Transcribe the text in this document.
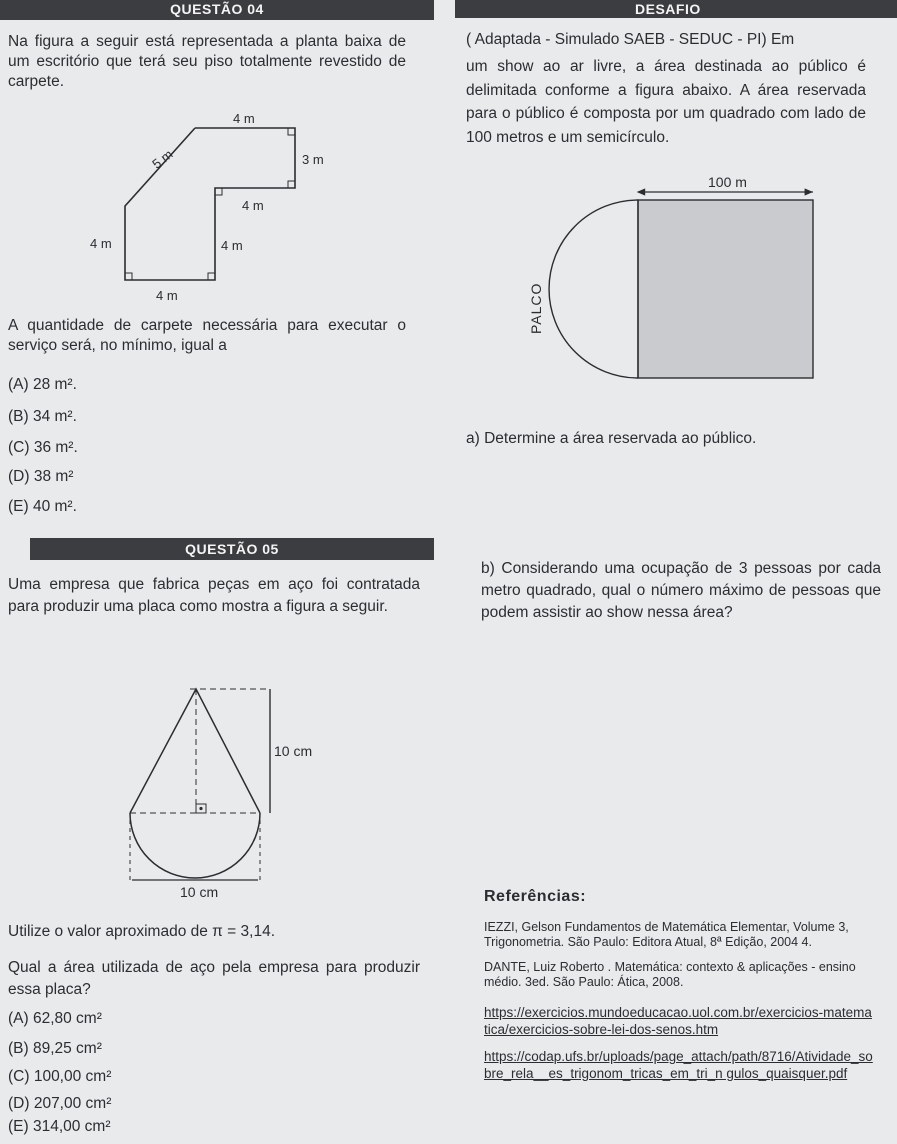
QUESTÃO 04
Na figura a seguir está representada a planta baixa de um escritório que terá seu piso totalmente revestido de carpete.
4 m
5 m	3 m
4 m
4 m	4 m
4 m
A quantidade de carpete necessária para executar o serviço será, no mínimo, igual a
(A) 28 m².
(B) 34 m².
(C) 36 m².
(D) 38 m²
(E) 40 m².
DESAFIO
( Adaptada - Simulado SAEB - SEDUC - PI) Em
um show ao ar livre, a área destinada ao público é delimitada conforme a figura abaixo. A área reservada para o público é composta por um quadrado com lado de 100 metros e um semicírculo.
100 m
PALCO
a) Determine a área reservada ao público.
b) Considerando uma ocupação de 3 pessoas por cada metro quadrado, qual o número máximo de pessoas que podem assistir ao show nessa área?
QUESTÃO 05
Uma empresa que fabrica peças em aço foi contratada para produzir uma placa como mostra a figura a seguir.
10 cm
10 cm
Utilize o valor aproximado de π = 3,14.
Qual a área utilizada de aço pela empresa para produzir essa placa?
(A) 62,80 cm²
(B) 89,25 cm²
(C) 100,00 cm²
(D) 207,00 cm²
(E) 314,00 cm²
Referências:
IEZZI, Gelson Fundamentos de Matemática Elementar, Volume 3, Trigonometria. São Paulo: Editora Atual, 8ª Edição, 2004 4.
DANTE, Luiz Roberto . Matemática: contexto & aplicações - ensino médio. 3ed. São Paulo: Ática, 2008.
https://exercicios.mundoeducacao.uol.com.br/exercicios-matematica/exercicios-sobre-lei-dos-senos.htm
https://codap.ufs.br/uploads/page_attach/path/8716/Atividade_sobre_rela__es_trigonom_tricas_em_tri_n gulos_quaisquer.pdf
